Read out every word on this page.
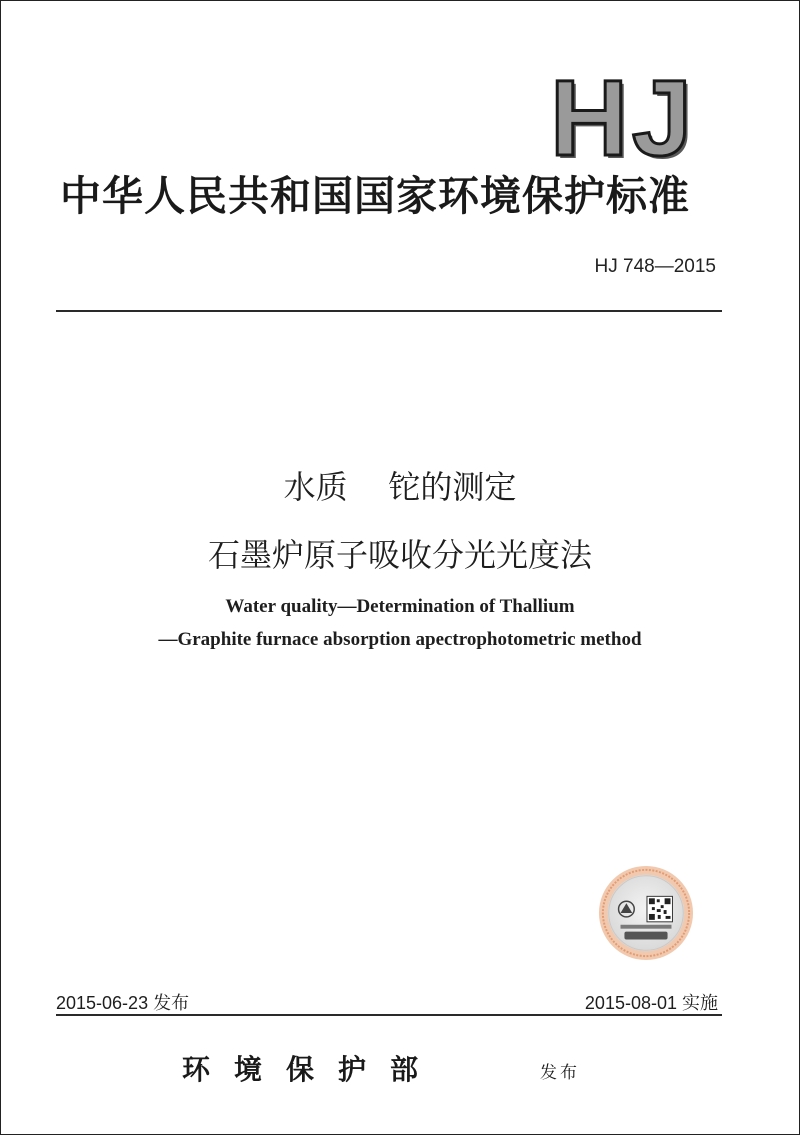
HJ
中华人民共和国国家环境保护标准
HJ 748—2015
水质    铊的测定
石墨炉原子吸收分光光度法
Water quality—Determination of Thallium
—Graphite furnace absorption apectrophotometric method
2015-06-23 发布	2015-08-01 实施
环境保护部	发布
